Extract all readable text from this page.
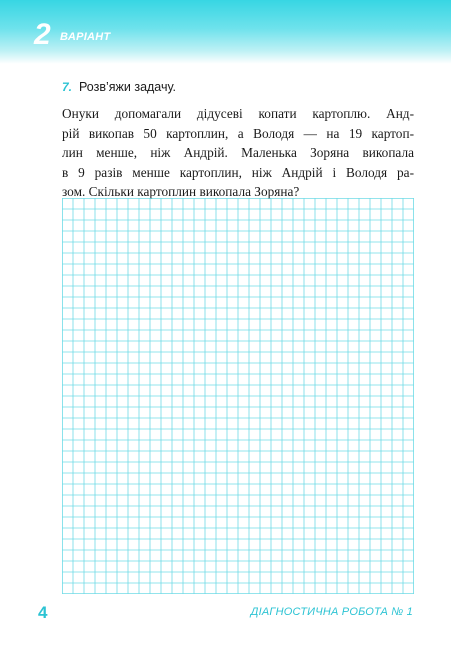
2 ВАРІАНТ
7. Розв’яжи задачу.
Онуки допомагали дідусеві копати картоплю. Анд-
рій викопав 50 картоплин, а Володя — на 19 картоп-
лин менше, ніж Андрій. Маленька Зоряна викопала
в 9 разів менше картоплин, ніж Андрій і Володя ра-
зом. Скільки картоплин викопала Зоряна?
4	ДІАГНОСТИЧНА РОБОТА № 1
